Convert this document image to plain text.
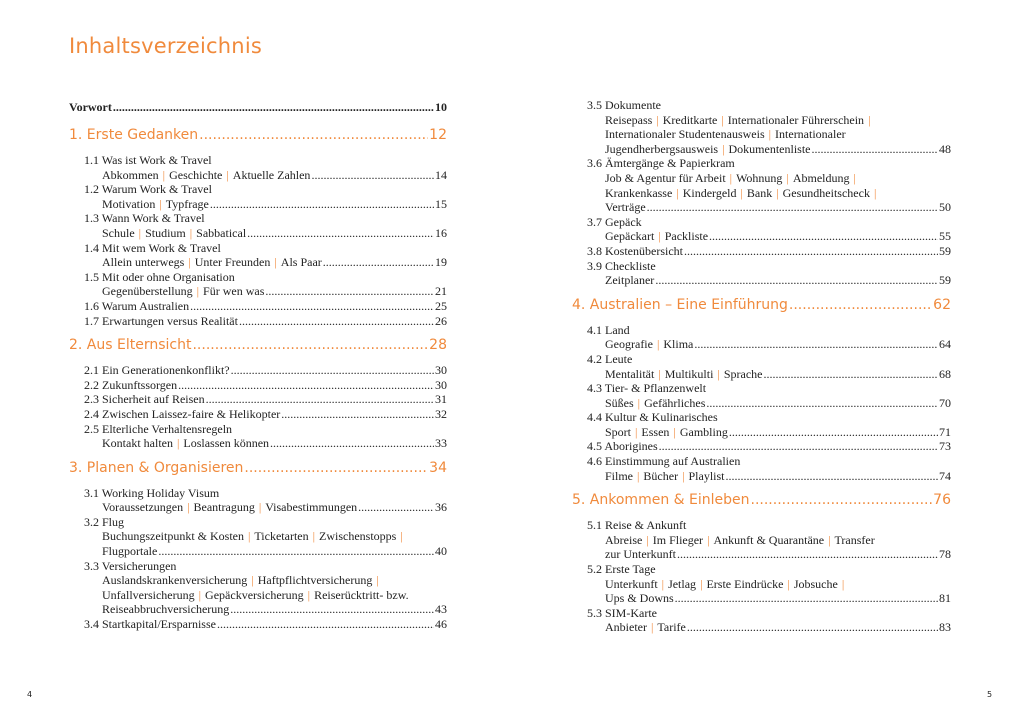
Inhaltsverzeichnis
Vorwort .....	10
1. Erste Gedanken .....	12
1.1 Was ist Work & Travel
Abkommen | Geschichte | Aktuelle Zahlen .....	14
1.2 Warum Work & Travel
Motivation | Typfrage .....	15
1.3 Wann Work & Travel
Schule | Studium | Sabbatical .....	16
1.4 Mit wem Work & Travel
Allein unterwegs | Unter Freunden | Als Paar .....	19
1.5 Mit oder ohne Organisation
Gegenüberstellung | Für wen was .....	21
1.6 Warum Australien .....	25
1.7 Erwartungen versus Realität .....	26
2. Aus Elternsicht .....	28
2.1 Ein Generationenkonflikt? .....	30
2.2 Zukunftssorgen .....	30
2.3 Sicherheit auf Reisen .....	31
2.4 Zwischen Laissez-faire & Helikopter .....	32
2.5 Elterliche Verhaltensregeln
Kontakt halten | Loslassen können .....	33
3. Planen & Organisieren .....	34
3.1 Working Holiday Visum
Voraussetzungen | Beantragung | Visabestimmungen .....	36
3.2 Flug
Buchungszeitpunkt & Kosten | Ticketarten | Zwischenstopps |
Flugportale .....	40
3.3 Versicherungen
Auslandskrankenversicherung | Haftpflichtversicherung |
Unfallversicherung | Gepäckversicherung | Reiserücktritt- bzw.
Reiseabbruchversicherung .....	43
3.4 Startkapital/Ersparnisse .....	46
3.5 Dokumente
Reisepass | Kreditkarte | Internationaler Führerschein |
Internationaler Studentenausweis | Internationaler
Jugendherbergsausweis | Dokumentenliste .....	48
3.6 Ämtergänge & Papierkram
Job & Agentur für Arbeit | Wohnung | Abmeldung |
Krankenkasse | Kindergeld | Bank | Gesundheitscheck |
Verträge .....	50
3.7 Gepäck
Gepäckart | Packliste .....	55
3.8 Kostenübersicht .....	59
3.9 Checkliste
Zeitplaner .....	59
4. Australien – Eine Einführung .....	62
4.1 Land
Geografie | Klima .....	64
4.2 Leute
Mentalität | Multikulti | Sprache .....	68
4.3 Tier- & Pflanzenwelt
Süßes | Gefährliches .....	70
4.4 Kultur & Kulinarisches
Sport | Essen | Gambling .....	71
4.5 Aborigines .....	73
4.6 Einstimmung auf Australien
Filme | Bücher | Playlist .....	74
5. Ankommen & Einleben .....	76
5.1 Reise & Ankunft
Abreise | Im Flieger | Ankunft & Quarantäne | Transfer
zur Unterkunft .....	78
5.2 Erste Tage
Unterkunft | Jetlag | Erste Eindrücke | Jobsuche |
Ups & Downs .....	81
5.3 SIM-Karte
Anbieter | Tarife .....	83
4	5
